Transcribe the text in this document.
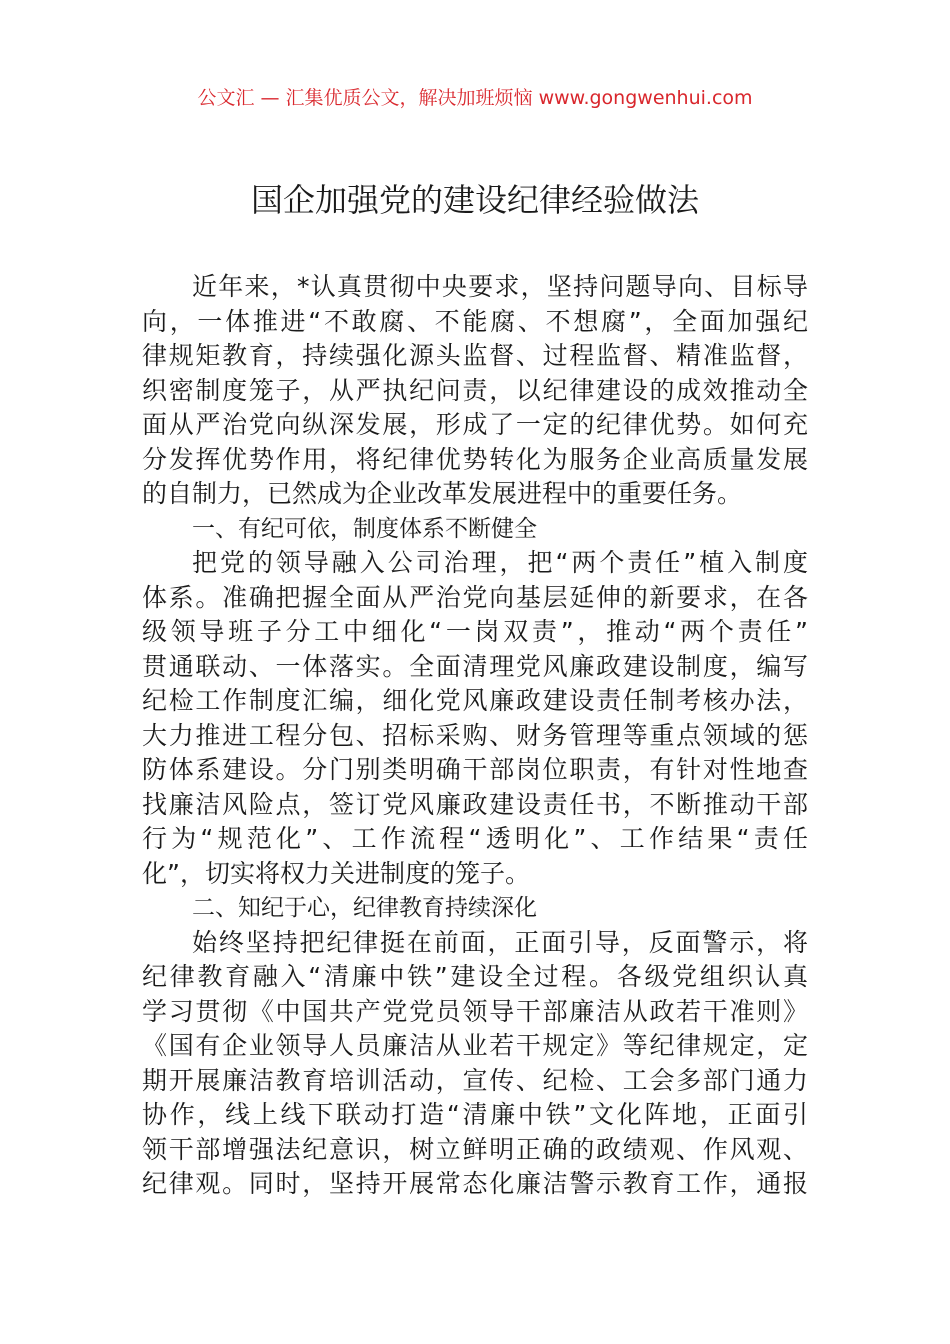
公文汇 — 汇集优质公文，解决加班烦恼 www.gongwenhui.com
国企加强党的建设纪律经验做法
近年来，*认真贯彻中央要求，坚持问题导向、目标导
向，一体推进“不敢腐、不能腐、不想腐”，全面加强纪
律规矩教育，持续强化源头监督、过程监督、精准监督，
织密制度笼子，从严执纪问责，以纪律建设的成效推动全
面从严治党向纵深发展，形成了一定的纪律优势。如何充
分发挥优势作用，将纪律优势转化为服务企业高质量发展
的自制力，已然成为企业改革发展进程中的重要任务。
一、有纪可依，制度体系不断健全
把党的领导融入公司治理，把“两个责任”植入制度
体系。准确把握全面从严治党向基层延伸的新要求，在各
级领导班子分工中细化“一岗双责”，推动“两个责任”
贯通联动、一体落实。全面清理党风廉政建设制度，编写
纪检工作制度汇编，细化党风廉政建设责任制考核办法，
大力推进工程分包、招标采购、财务管理等重点领域的惩
防体系建设。分门别类明确干部岗位职责，有针对性地查
找廉洁风险点，签订党风廉政建设责任书，不断推动干部
行为“规范化”、工作流程“透明化”、工作结果“责任
化”，切实将权力关进制度的笼子。
二、知纪于心，纪律教育持续深化
始终坚持把纪律挺在前面，正面引导，反面警示，将
纪律教育融入“清廉中铁”建设全过程。各级党组织认真
学习贯彻《中国共产党党员领导干部廉洁从政若干准则》
《国有企业领导人员廉洁从业若干规定》等纪律规定，定
期开展廉洁教育培训活动，宣传、纪检、工会多部门通力
协作，线上线下联动打造“清廉中铁”文化阵地，正面引
领干部增强法纪意识，树立鲜明正确的政绩观、作风观、
纪律观。同时，坚持开展常态化廉洁警示教育工作，通报
